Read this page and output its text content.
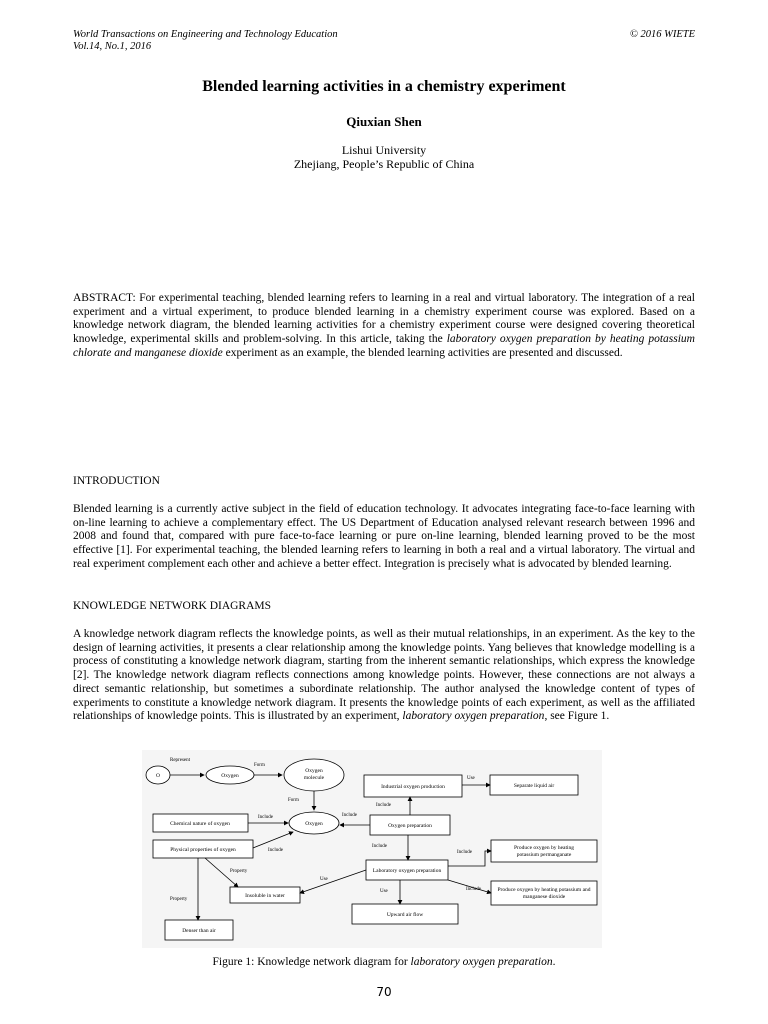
World Transactions on Engineering and Technology Education
Vol.14, No.1, 2016
© 2016 WIETE
Blended learning activities in a chemistry experiment
Qiuxian Shen
Lishui University
Zhejiang, People’s Republic of China
ABSTRACT: For experimental teaching, blended learning refers to learning in a real and virtual laboratory. The integration of a real experiment and a virtual experiment, to produce blended learning in a chemistry experiment course was explored. Based on a knowledge network diagram, the blended learning activities for a chemistry experiment course were designed covering theoretical knowledge, experimental skills and problem-solving. In this article, taking the laboratory oxygen preparation by heating potassium chlorate and manganese dioxide experiment as an example, the blended learning activities are presented and discussed.
INTRODUCTION
Blended learning is a currently active subject in the field of education technology. It advocates integrating face-to-face learning with on-line learning to achieve a complementary effect. The US Department of Education analysed relevant research between 1996 and 2008 and found that, compared with pure face-to-face learning or pure on-line learning, blended learning proved to be the most effective [1]. For experimental teaching, the blended learning refers to learning in both a real and a virtual laboratory. The virtual and real experiment complement each other and achieve a better effect. Integration is precisely what is advocated by blended learning.
KNOWLEDGE NETWORK DIAGRAMS
A knowledge network diagram reflects the knowledge points, as well as their mutual relationships, in an experiment. As the key to the design of learning activities, it presents a clear relationship among the knowledge points. Yang believes that knowledge modelling is a process of constituting a knowledge network diagram, starting from the inherent semantic relationships, which express the knowledge [2]. The knowledge network diagram reflects connections among knowledge points. However, these connections are not always a direct semantic relationship, but sometimes a subordinate relationship. The author analysed the knowledge content of types of experiments to constitute a knowledge network diagram. It presents the knowledge points of each experiment, as well as the affiliated relationships of knowledge points. This is illustrated by an experiment, laboratory oxygen preparation, see Figure 1.
O	Oxygen
Oxygen
molecule
Oxygen
Chemical nature of oxygen
Physical properties of oxygen
Insoluble in water
Denser than air
Industrial oxygen production	Separate liquid air
Oxygen preparation
Laboratory oxygen preparation
Upward air flow
Produce oxygen by heating
potassium permanganate
Produce oxygen by heating potassium and
manganese dioxide
Represent
Form
Form
Include	Include
Include
Use
Include
Include
Include
Include
Use
Use
Property
Property
Figure 1: Knowledge network diagram for laboratory oxygen preparation.
70
